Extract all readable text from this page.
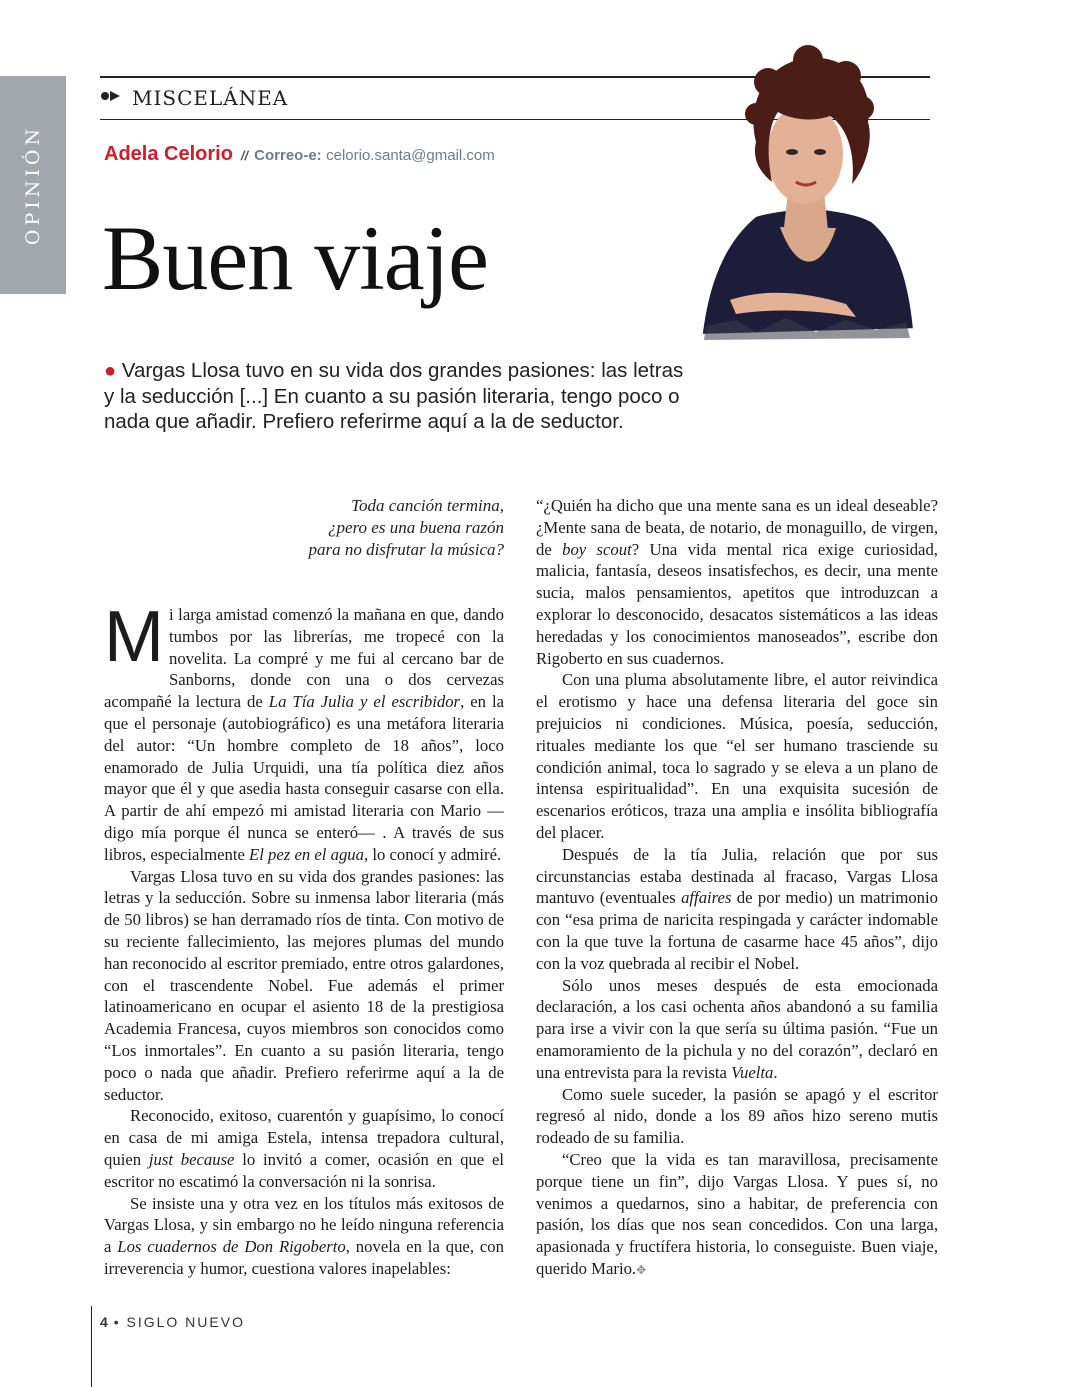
OPINIÓN
MISCELÁNEA
Adela Celorio // Correo-e: celorio.santa@gmail.com
Buen viaje

● Vargas Llosa tuvo en su vida dos grandes pasiones: las letras y la seducción [...] En cuanto a su pasión literaria, tengo poco o nada que añadir. Prefiero referirme aquí a la de seductor.

Toda canción termina,
¿pero es una buena razón
para no disfrutar la música?

Mi larga amistad comenzó la mañana en que, dando tumbos por las librerías, me tropecé con la novelita. La compré y me fui al cercano bar de Sanborns, donde con una o dos cervezas acompañé la lectura de La Tía Julia y el escribidor, en la que el personaje (autobiográfico) es una metáfora literaria del autor: “Un hombre completo de 18 años”, loco enamorado de Julia Urquidi, una tía política diez años mayor que él y que asedia hasta conseguir casarse con ella. A partir de ahí empezó mi amistad literaria con Mario —digo mía porque él nunca se enteró— . A través de sus libros, especialmente El pez en el agua, lo conocí y admiré.

Vargas Llosa tuvo en su vida dos grandes pasiones: las letras y la seducción. Sobre su inmensa labor literaria (más de 50 libros) se han derramado ríos de tinta. Con motivo de su reciente fallecimiento, las mejores plumas del mundo han reconocido al escritor premiado, entre otros galardones, con el trascendente Nobel. Fue además el primer latinoamericano en ocupar el asiento 18 de la prestigiosa Academia Francesa, cuyos miembros son conocidos como “Los inmortales”. En cuanto a su pasión literaria, tengo poco o nada que añadir. Prefiero referirme aquí a la de seductor.

Reconocido, exitoso, cuarentón y guapísimo, lo conocí en casa de mi amiga Estela, intensa trepadora cultural, quien just because lo invitó a comer, ocasión en que el escritor no escatimó la conversación ni la sonrisa.

Se insiste una y otra vez en los títulos más exitosos de Vargas Llosa, y sin embargo no he leído ninguna referencia a Los cuadernos de Don Rigoberto, novela en la que, con irreverencia y humor, cuestiona valores inapelables:

“¿Quién ha dicho que una mente sana es un ideal deseable? ¿Mente sana de beata, de notario, de monaguillo, de virgen, de boy scout? Una vida mental rica exige curiosidad, malicia, fantasía, deseos insatisfechos, es decir, una mente sucia, malos pensamientos, apetitos que introduzcan a explorar lo desconocido, desacatos sistemáticos a las ideas heredadas y los conocimientos manoseados”, escribe don Rigoberto en sus cuadernos.

Con una pluma absolutamente libre, el autor reivindica el erotismo y hace una defensa literaria del goce sin prejuicios ni condiciones. Música, poesía, seducción, rituales mediante los que “el ser humano trasciende su condición animal, toca lo sagrado y se eleva a un plano de intensa espiritualidad”. En una exquisita sucesión de escenarios eróticos, traza una amplia e insólita bibliografía del placer.

Después de la tía Julia, relación que por sus circunstancias estaba destinada al fracaso, Vargas Llosa mantuvo (eventuales affaires de por medio) un matrimonio con “esa prima de naricita respingada y carácter indomable con la que tuve la fortuna de casarme hace 45 años”, dijo con la voz quebrada al recibir el Nobel.

Sólo unos meses después de esta emocionada declaración, a los casi ochenta años abandonó a su familia para irse a vivir con la que sería su última pasión. “Fue un enamoramiento de la pichula y no del corazón”, declaró en una entrevista para la revista Vuelta.

Como suele suceder, la pasión se apagó y el escritor regresó al nido, donde a los 89 años hizo sereno mutis rodeado de su familia.

“Creo que la vida es tan maravillosa, precisamente porque tiene un fin”, dijo Vargas Llosa. Y pues sí, no venimos a quedarnos, sino a habitar, de preferencia con pasión, los días que nos sean concedidos. Con una larga, apasionada y fructífera historia, lo conseguiste. Buen viaje, querido Mario.✥

4 • SIGLO NUEVO
